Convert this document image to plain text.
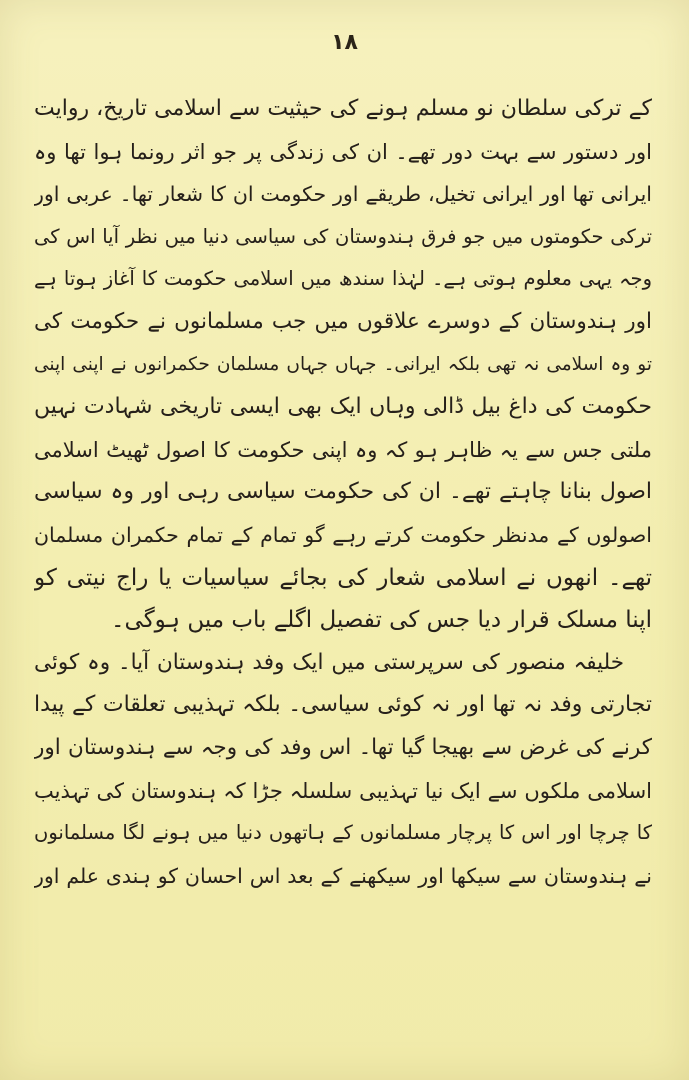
۱۸
کے ترکی سلطان نو مسلم ہونے کی حیثیت سے اسلامی تاریخ، روایت
اور دستور سے بہت دور تھے۔ ان کی زندگی پر جو اثر رونما ہوا تھا وہ
ایرانی تھا اور ایرانی تخیل، طریقے اور حکومت ان کا شعار تھا۔ عربی اور
ترکی حکومتوں میں جو فرق ہندوستان کی سیاسی دنیا میں نظر آیا اس کی
وجہ یہی معلوم ہوتی ہے۔ لہٰذا سندھ میں اسلامی حکومت کا آغاز ہوتا ہے
اور ہندوستان کے دوسرے علاقوں میں جب مسلمانوں نے حکومت کی
تو وہ اسلامی نہ تھی بلکہ ایرانی۔ جہاں جہاں مسلمان حکمرانوں نے اپنی اپنی
حکومت کی داغ بیل ڈالی وہاں ایک بھی ایسی تاریخی شہادت نہیں
ملتی جس سے یہ ظاہر ہو کہ وہ اپنی حکومت کا اصول ٹھیٹ اسلامی
اصول بنانا چاہتے تھے۔ ان کی حکومت سیاسی رہی اور وہ سیاسی
اصولوں کے مدنظر حکومت کرتے رہے گو تمام کے تمام حکمران مسلمان
تھے۔ انھوں نے اسلامی شعار کی بجائے سیاسیات یا راج نیتی کو
اپنا مسلک قرار دیا جس کی تفصیل اگلے باب میں ہوگی۔
خلیفہ منصور کی سرپرستی میں ایک وفد ہندوستان آیا۔ وہ کوئی
تجارتی وفد نہ تھا اور نہ کوئی سیاسی۔ بلکہ تہذیبی تعلقات کے پیدا
کرنے کی غرض سے بھیجا گیا تھا۔ اس وفد کی وجہ سے ہندوستان اور
اسلامی ملکوں سے ایک نیا تہذیبی سلسلہ جڑا کہ ہندوستان کی تہذیب
کا چرچا اور اس کا پرچار مسلمانوں کے ہاتھوں دنیا میں ہونے لگا مسلمانوں
نے ہندوستان سے سیکھا اور سیکھنے کے بعد اس احسان کو ہندی علم اور
